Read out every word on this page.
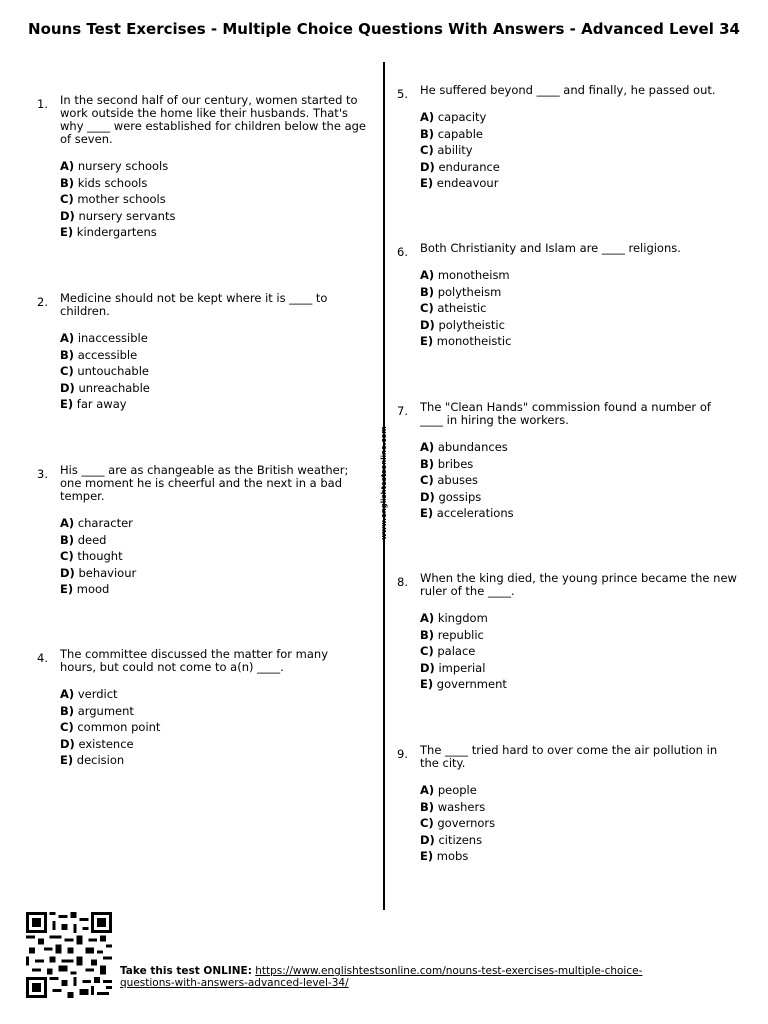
Nouns Test Exercises - Multiple Choice Questions With Answers - Advanced Level 34
www.englishtestsonline.com
1. In the second half of our century, women started to work outside the home like their husbands. That's why ____ were established for children below the age of seven.
A) nursery schools
B) kids schools
C) mother schools
D) nursery servants
E) kindergartens
2. Medicine should not be kept where it is ____ to children.
A) inaccessible
B) accessible
C) untouchable
D) unreachable
E) far away
3. His ____ are as changeable as the British weather; one moment he is cheerful and the next in a bad temper.
A) character
B) deed
C) thought
D) behaviour
E) mood
4. The committee discussed the matter for many hours, but could not come to a(n) ____.
A) verdict
B) argument
C) common point
D) existence
E) decision
5. He suffered beyond ____ and finally, he passed out.
A) capacity
B) capable
C) ability
D) endurance
E) endeavour
6. Both Christianity and Islam are ____ religions.
A) monotheism
B) polytheism
C) atheistic
D) polytheistic
E) monotheistic
7. The "Clean Hands" commission found a number of ____ in hiring the workers.
A) abundances
B) bribes
C) abuses
D) gossips
E) accelerations
8. When the king died, the young prince became the new ruler of the ____.
A) kingdom
B) republic
C) palace
D) imperial
E) government
9. The ____ tried hard to over come the air pollution in the city.
A) people
B) washers
C) governors
D) citizens
E) mobs
Take this test ONLINE: https://www.englishtestsonline.com/nouns-test-exercises-multiple-choice-questions-with-answers-advanced-level-34/
